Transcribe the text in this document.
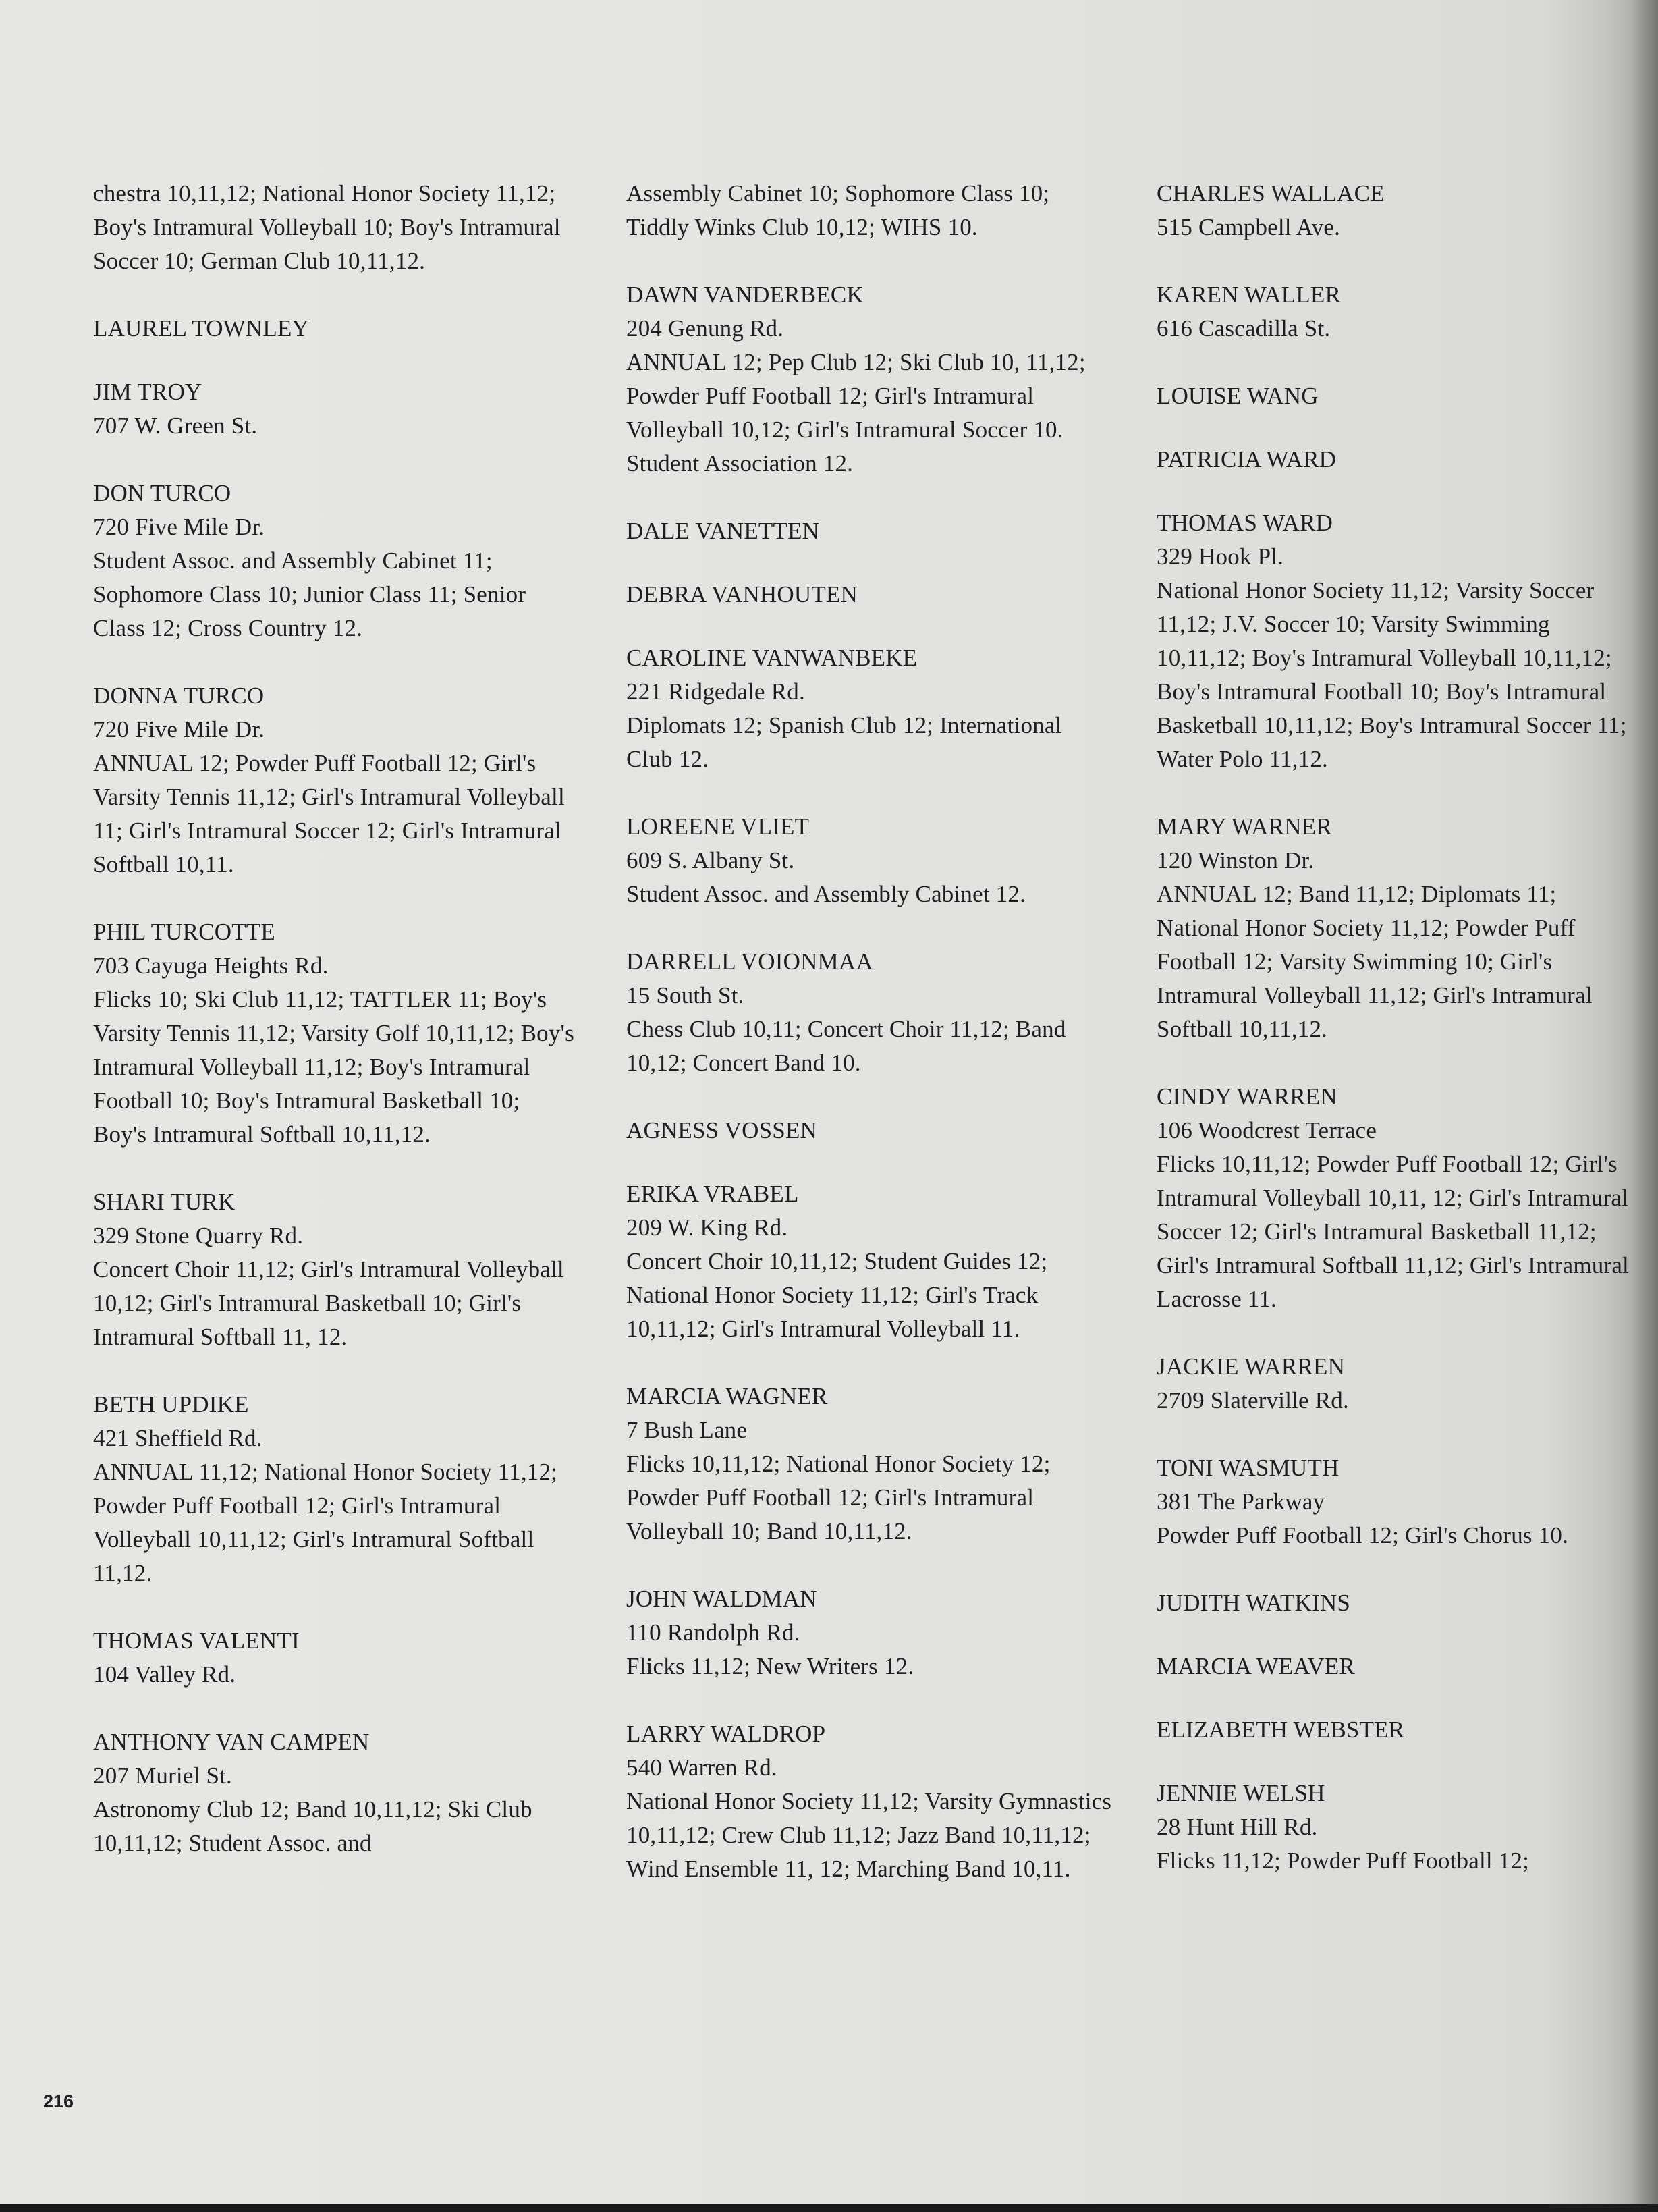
chestra 10,11,12; National Honor Society 11,12; Boy's Intramural Volleyball 10; Boy's Intramural Soccer 10; German Club 10,11,12.

LAUREL TOWNLEY

JIM TROY

707 W. Green St.

DON TURCO

720 Five Mile Dr.

Student Assoc. and Assembly Cabinet 11; Sophomore Class 10; Junior Class 11; Senior Class 12; Cross Country 12.

DONNA TURCO

720 Five Mile Dr.

ANNUAL 12; Powder Puff Football 12; Girl's Varsity Tennis 11,12; Girl's Intramural Volleyball 11; Girl's Intramural Soccer 12; Girl's Intramural Softball 10,11.

PHIL TURCOTTE

703 Cayuga Heights Rd.

Flicks 10; Ski Club 11,12; TATTLER 11; Boy's Varsity Tennis 11,12; Varsity Golf 10,11,12; Boy's Intramural Volleyball 11,12; Boy's Intramural Football 10; Boy's Intramural Basketball 10; Boy's Intramural Softball 10,11,12.

SHARI TURK

329 Stone Quarry Rd.

Concert Choir 11,12; Girl's Intramural Volleyball 10,12; Girl's Intramural Basketball 10; Girl's Intramural Softball 11, 12.

BETH UPDIKE

421 Sheffield Rd.

ANNUAL 11,12; National Honor Society 11,12; Powder Puff Football 12; Girl's Intramural Volleyball 10,11,12; Girl's Intramural Softball 11,12.

THOMAS VALENTI

104 Valley Rd.

ANTHONY VAN CAMPEN

207 Muriel St.

Astronomy Club 12; Band 10,11,12; Ski Club 10,11,12; Student Assoc. and

Assembly Cabinet 10; Sophomore Class 10; Tiddly Winks Club 10,12; WIHS 10.

DAWN VANDERBECK

204 Genung Rd.

ANNUAL 12; Pep Club 12; Ski Club 10, 11,12; Powder Puff Football 12; Girl's Intramural Volleyball 10,12; Girl's Intramural Soccer 10. Student Association 12.

DALE VANETTEN

DEBRA VANHOUTEN

CAROLINE VANWANBEKE

221 Ridgedale Rd.

Diplomats 12; Spanish Club 12; International Club 12.

LOREENE VLIET

609 S. Albany St.

Student Assoc. and Assembly Cabinet 12.

DARRELL VOIONMAA

15 South St.

Chess Club 10,11; Concert Choir 11,12; Band 10,12; Concert Band 10.

AGNESS VOSSEN

ERIKA VRABEL

209 W. King Rd.

Concert Choir 10,11,12; Student Guides 12; National Honor Society 11,12; Girl's Track 10,11,12; Girl's Intramural Volleyball 11.

MARCIA WAGNER

7 Bush Lane

Flicks 10,11,12; National Honor Society 12; Powder Puff Football 12; Girl's Intramural Volleyball 10; Band 10,11,12.

JOHN WALDMAN

110 Randolph Rd.

Flicks 11,12; New Writers 12.

LARRY WALDROP

540 Warren Rd.

National Honor Society 11,12; Varsity Gymnastics 10,11,12; Crew Club 11,12; Jazz Band 10,11,12; Wind Ensemble 11, 12; Marching Band 10,11.

CHARLES WALLACE

515 Campbell Ave.

KAREN WALLER

616 Cascadilla St.

LOUISE WANG

PATRICIA WARD

THOMAS WARD

329 Hook Pl.

National Honor Society 11,12; Varsity Soccer 11,12; J.V. Soccer 10; Varsity Swimming 10,11,12; Boy's Intramural Volleyball 10,11,12; Boy's Intramural Football 10; Boy's Intramural Basketball 10,11,12; Boy's Intramural Soccer 11; Water Polo 11,12.

MARY WARNER

120 Winston Dr.

ANNUAL 12; Band 11,12; Diplomats 11; National Honor Society 11,12; Powder Puff Football 12; Varsity Swimming 10; Girl's Intramural Volleyball 11,12; Girl's Intramural Softball 10,11,12.

CINDY WARREN

106 Woodcrest Terrace

Flicks 10,11,12; Powder Puff Football 12; Girl's Intramural Volleyball 10,11, 12; Girl's Intramural Soccer 12; Girl's Intramural Basketball 11,12; Girl's Intramural Softball 11,12; Girl's Intramural Lacrosse 11.

JACKIE WARREN

2709 Slaterville Rd.

TONI WASMUTH

381 The Parkway

Powder Puff Football 12; Girl's Chorus 10.

JUDITH WATKINS

MARCIA WEAVER

ELIZABETH WEBSTER

JENNIE WELSH

28 Hunt Hill Rd.

Flicks 11,12; Powder Puff Football 12;

216
